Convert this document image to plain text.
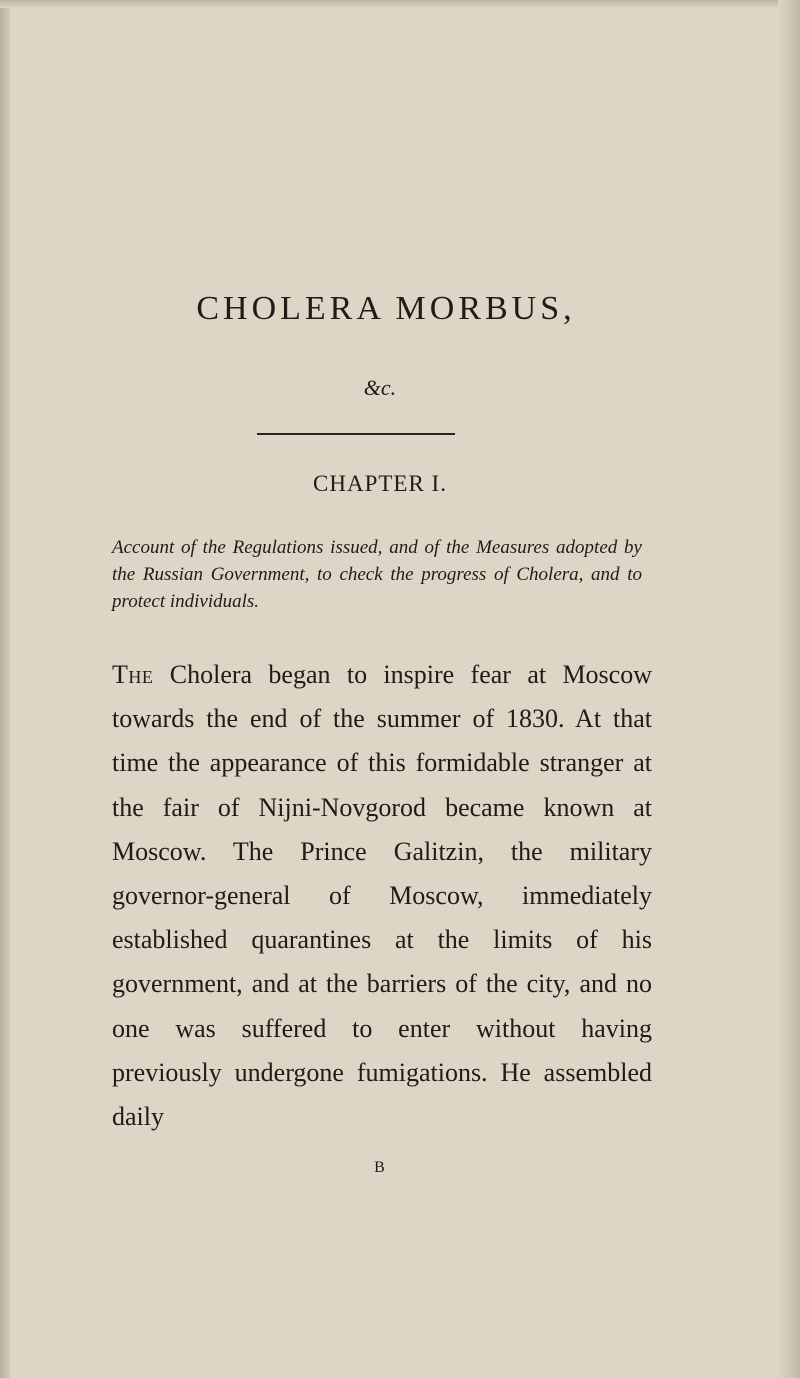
CHOLERA MORBUS,
&c.
CHAPTER I.

Account of the Regulations issued, and of the Measures adopted by the Russian Government, to check the progress of Cholera, and to protect individuals.

The Cholera began to inspire fear at Moscow towards the end of the summer of 1830. At that time the appearance of this formidable stranger at the fair of Nijni-Novgorod became known at Moscow. The Prince Galitzin, the military governor-general of Moscow, immediately established quarantines at the limits of his government, and at the barriers of the city, and no one was suffered to enter without having previously undergone fumigations. He assembled daily

B
